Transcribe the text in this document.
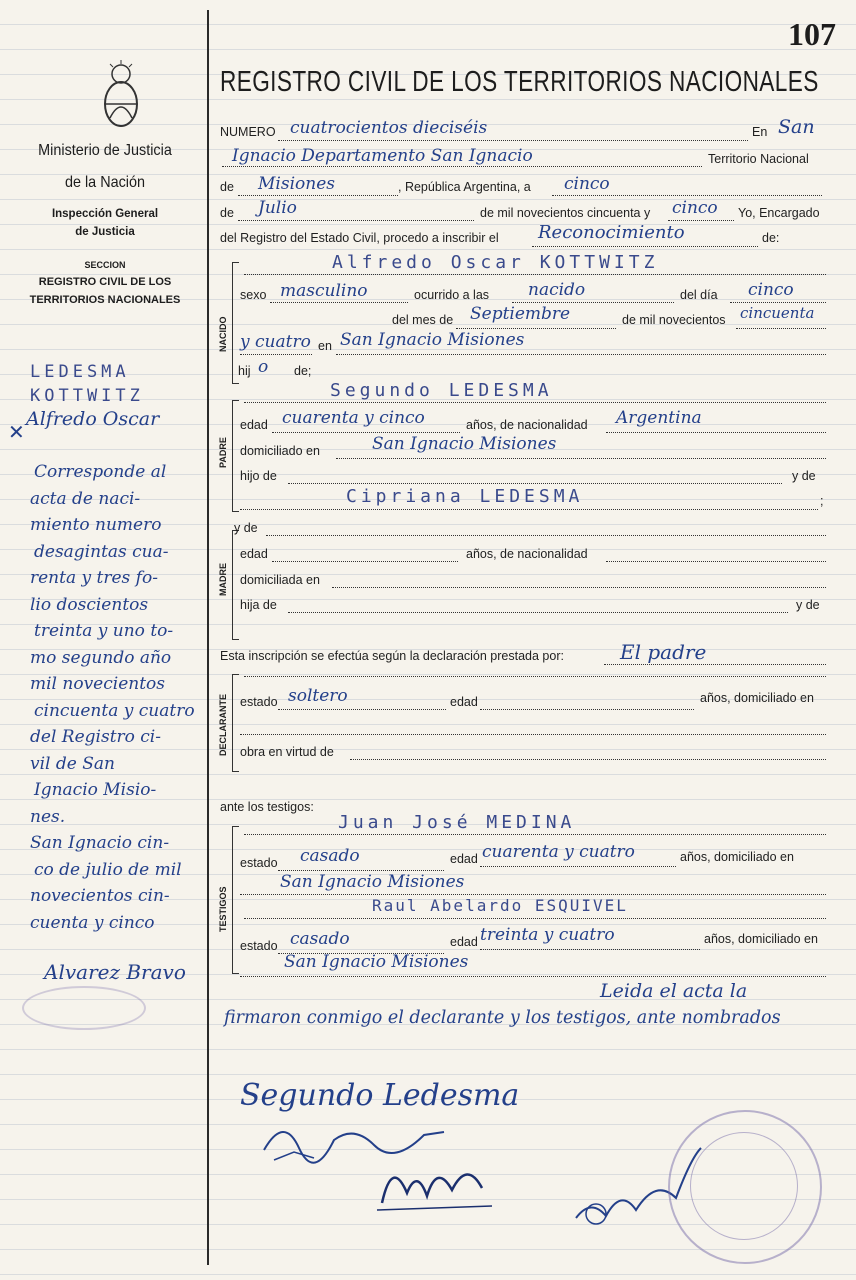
107
REGISTRO CIVIL DE LOS TERRITORIOS NACIONALES
Ministerio de Justicia
de la Nación
Inspección General
de Justicia
SECCION
REGISTRO CIVIL DE LOS
TERRITORIOS NACIONALES
LEDESMA
KOTTWITZ
Alfredo Oscar
✕
Corresponde al
acta de naci-
miento numero
desagintas cua-
renta y tres fo-
lio doscientos
treinta y uno to-
mo segundo año
mil novecientos
cincuenta y cuatro
del Registro ci-
vil de San
Ignacio Misio-
nes.
San Ignacio cin-
co de julio de mil
novecientos cin-
cuenta y cinco
Alvarez Bravo
NUMERO cuatrocientos dieciséis	En San
Ignacio Departamento San Ignacio	Territorio Nacional
de Misiones	, República Argentina, a cinco
de Julio	de mil novecientos cincuenta y cinco Yo, Encargado
del Registro del Estado Civil, procedo a inscribir el Reconocimiento	de:
NACIDO
Alfredo Oscar KOTTWITZ
sexo masculino	ocurrido a las nacido	del día cinco
del mes de Septiembre	de mil novecientos cincuenta
y cuatro en San Ignacio Misiones
hij o de;
PADRE
Segundo LEDESMA
edad cuarenta y cinco	años, de nacionalidad Argentina
domiciliado en	San Ignacio Misiones
hijo de	y de
Cipriana LEDESMA	;
MADRE
y de
edad	años, de nacionalidad
domiciliada en
hija de	y de
Esta inscripción se efectúa según la declaración prestada por:	El padre
DECLARANTE estado soltero	edad	años, domiciliado en
obra en virtud de
ante los testigos:
TESTIGOS
Juan José MEDINA
estado casado	edad cuarenta y cuatro	años, domiciliado en
San Ignacio Misiones
Raul Abelardo ESQUIVEL
estado casado	edad treinta y cuatro	años, domiciliado en
San Ignacio Misiones
Leida el acta la
firmaron conmigo el declarante y los testigos, ante nombrados
Segundo Ledesma
